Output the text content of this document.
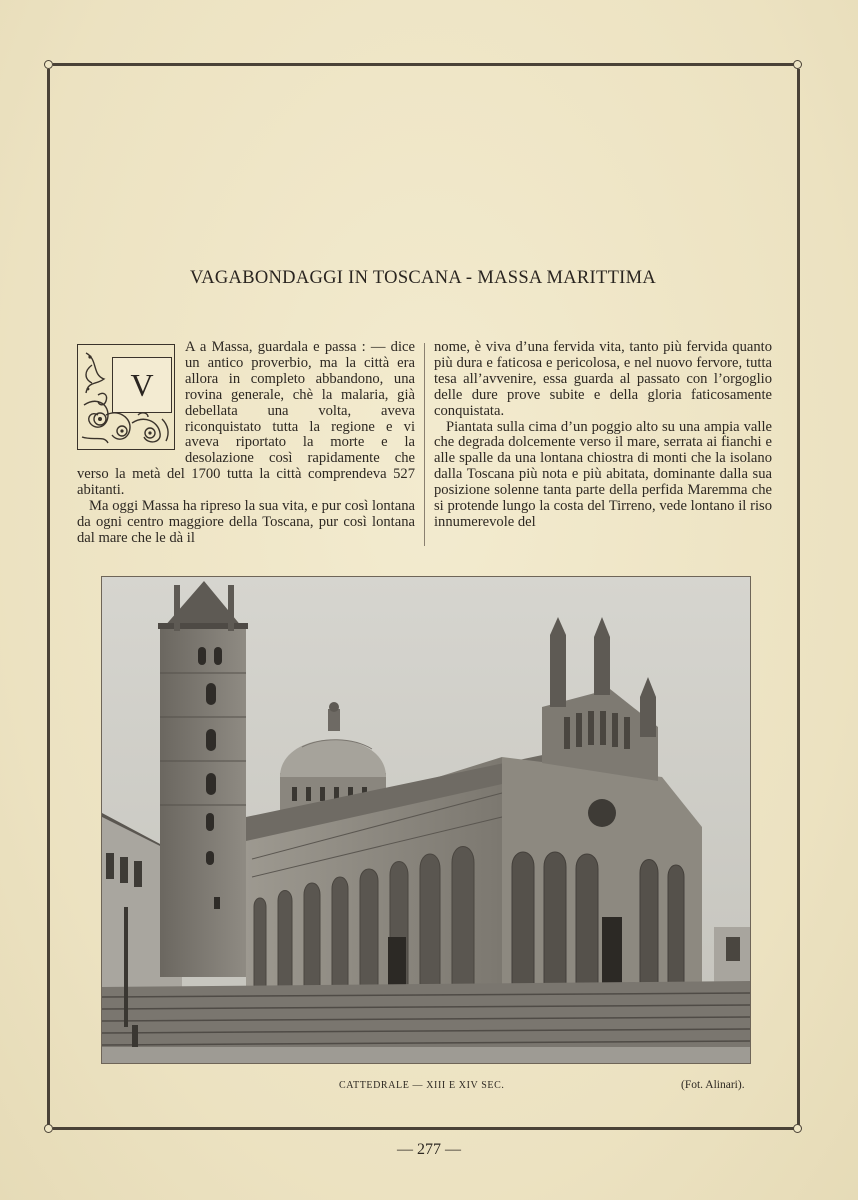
VAGABONDAGGI IN TOSCANA - MASSA MARITTIMA
V

A a Massa, guardala e passa : — dice un antico proverbio, ma la città era allora in completo abbandono, una rovina generale, chè la malaria, già debellata una volta, aveva riconquistato tutta la regione e vi aveva riportato la morte e la desolazione così rapidamente che verso la metà del 1700 tutta la città comprendeva 527 abitanti.

Ma oggi Massa ha ripreso la sua vita, e pur così lontana da ogni centro maggiore della Toscana, pur così lontana dal mare che le dà il

nome, è viva d’una fervida vita, tanto più fervida quanto più dura e faticosa e pericolosa, e nel nuovo fervore, tutta tesa all’avvenire, essa guarda al passato con l’orgoglio delle dure prove subite e della gloria faticosamente conquistata.

Piantata sulla cima d’un poggio alto su una ampia valle che degrada dolcemente verso il mare, serrata ai fianchi e alle spalle da una lontana chiostra di monti che la isolano dalla Toscana più nota e più abitata, dominante dalla sua posizione solenne tanta parte della perfida Maremma che si protende lungo la costa del Tirreno, vede lontano il riso innumerevole del

CATTEDRALE — XIII E XIV SEC.	(Fot. Alinari).
— 277 —
